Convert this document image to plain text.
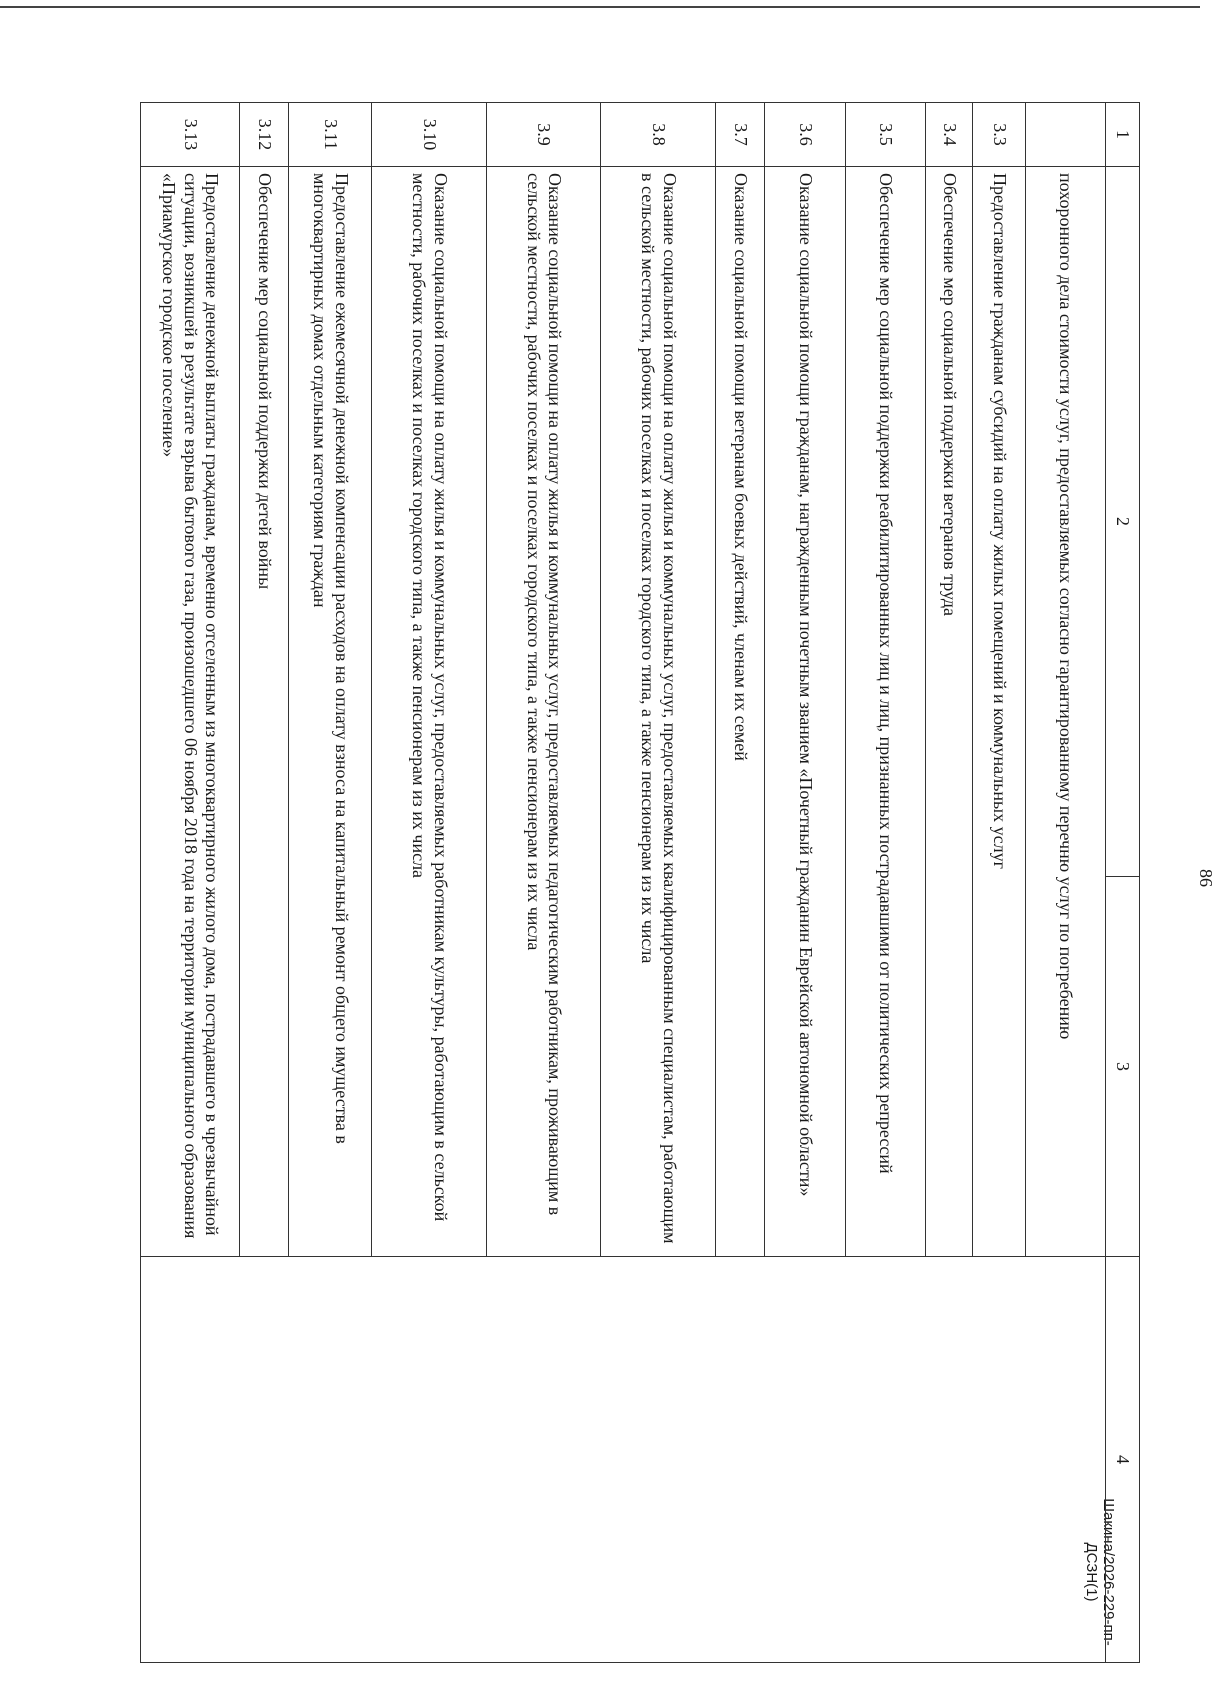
86
Шакина/2026-229-пп-ДСЗН(1)
1	2	3	4
	похоронного дела стоимости услуг, предоставляемых согласно гарантированному перечню услуг по погребению		
3.3	Предоставление гражданам субсидий на оплату жилых помещений и коммунальных услуг		
3.4	Обеспечение мер социальной поддержки ветеранов труда		
3.5	Обеспечение мер социальной поддержки реабилитированных лиц и лиц, признанных пострадавшими от политических репрессий		
3.6	Оказание социальной помощи гражданам, награжденным почетным званием «Почетный гражданин Еврейской автономной области»		
3.7	Оказание социальной помощи ветеранам боевых действий, членам их семей		
3.8	Оказание социальной помощи на оплату жилья и коммунальных услуг, предоставляемых квалифицированным специалистам, работающим в сельской местности, рабочих поселках и поселках городского типа, а также пенсионерам из их числа		
3.9	Оказание социальной помощи на оплату жилья и коммунальных услуг, предоставляемых педагогическим работникам, проживающим в сельской местности, рабочих поселках и поселках городского типа, а также пенсионерам из их числа		
3.10	Оказание социальной помощи на оплату жилья и коммунальных услуг, предоставляемых работникам культуры, работающим в сельской местности, рабочих поселках и поселках городского типа, а также пенсионерам из их числа		
3.11	Предоставление ежемесячной денежной компенсации расходов на оплату взноса на капитальный ремонт общего имущества в многоквартирных домах отдельным категориям граждан		
3.12	Обеспечение мер социальной поддержки детей войны		
3.13	Предоставление денежной выплаты гражданам, временно отселенным из многоквартирного жилого дома, пострадавшего в чрезвычайной ситуации, возникшей в результате взрыва бытового газа, произошедшего 06 ноября 2018 года на территории муниципального образования «Приамурское городское поселение»		
